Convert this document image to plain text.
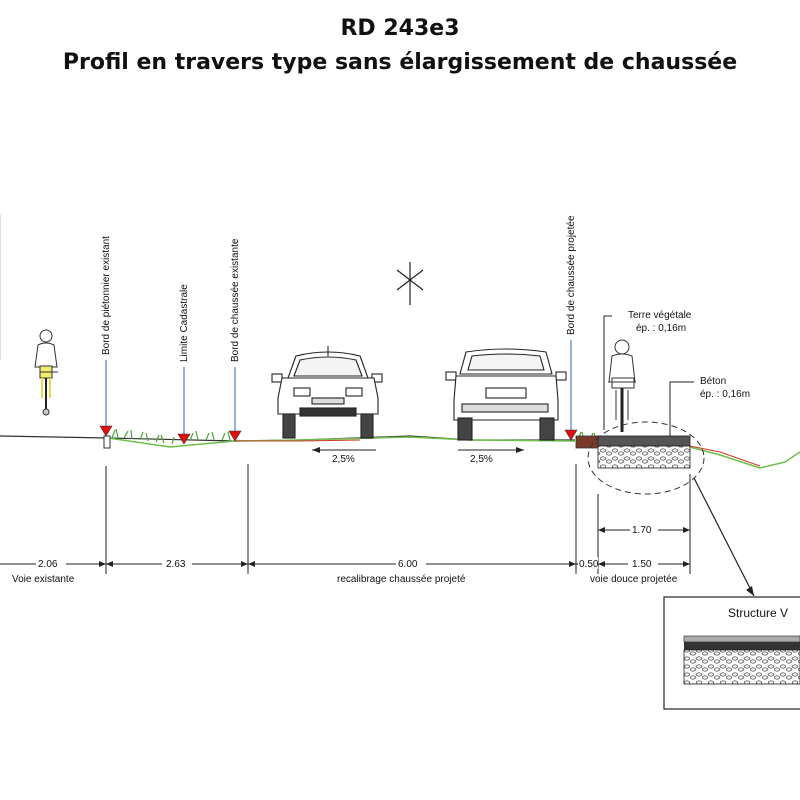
RD 243e3
Profil en travers type sans élargissement de chaussée
Bord de piétonnier existant	Limite Cadastrale	Bord de chaussée existante	Bord de chaussée projetée	Terre végétale
ép. : 0,16m
Béton
ép. : 0,16m
2,5%	2,5%
2.06	2.63	6.00	0.50	1.50
1.70
Voie existante	recalibrage chaussée projeté	voie douce projetée
Structure V
